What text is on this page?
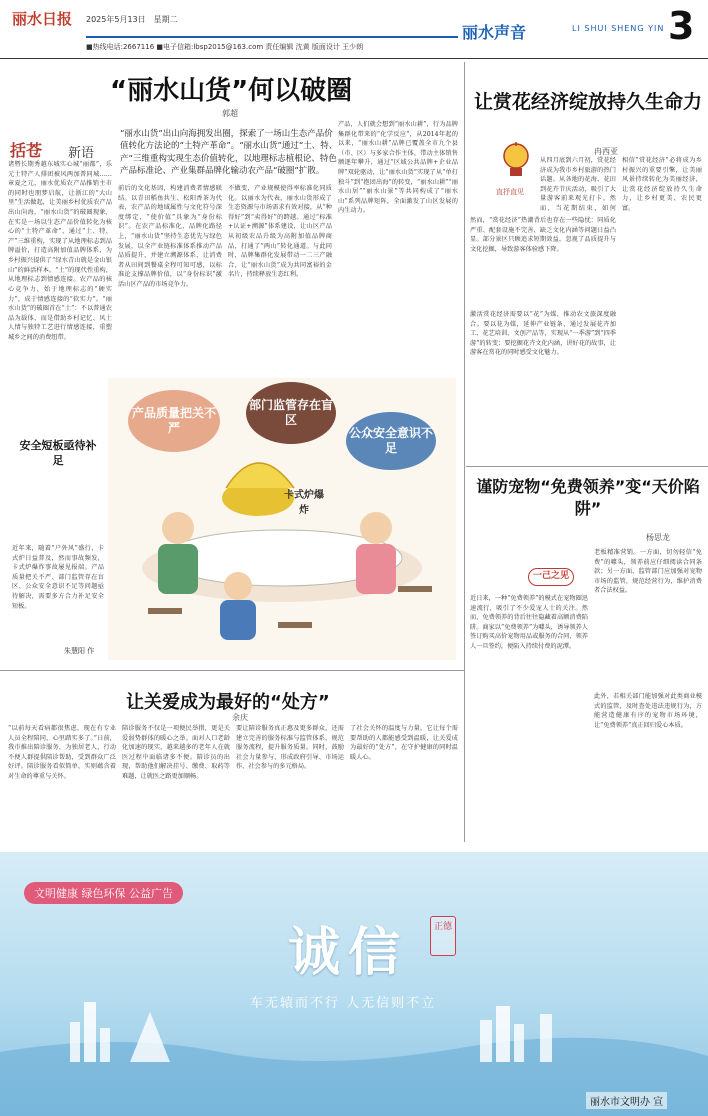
丽水日报 2025年5月13日　星期二
■热线电话:2667116 ■电子信箱:lbsp2015@163.com 责任编辑 沈黄 版面设计 王少朗
丽水声音	LI SHUI SHENG YIN 3
“丽水山货”何以破圈
郭超
括苍 新语
“丽水山货”出山向海拥发出圈，探索了一场山生态产品价值转化方法论的“土特产革命”。“丽水山货”通过“土、特、产”三维重构实现生态价值转化，以地理标志植根论、特色产品标准论、产业集群品牌化输动农产品“破圈”扩散。
诸暨长期秀越东城实心城“丽都”，乐元土特产人排团被风两加普同城……章夏之元，丽水优质农产品推销主市的同时也朋梦启航，让浙江的“大山里”生活做起，让美丽乡村优质农产品出山向海，“丽水山货”的破圈现象，在实是一场以生态产品价值转化为核心的“土特产革命”，通过“土、特、产”三维重构，实现了从地理标志到品牌溢价，打造高附加值品牌体系，为乡村振兴提供了“绿水青山就是金山银山”的鲜活样本。“土”的现代性重构，从地理标志到情感连接。农产品的核心竞争力，始于地理标志的“硬实力”，成于情感连接的“软实力”。“丽水山货”的破圈首在“土”：不以普通农品为载体，而是借助乡村记忆、风土人情与独特工艺进行情感连接，重塑城乡之间的消费纽带。
前后的文化基因，构建消费者情感联结。以青田稻鱼共生、松阳香茶为代表，农产品的地域属性与文化符号深度绑定，“使价值”具象为“身份标识”。在农产品标准化、品牌化路径上，“丽水山货”坚持生态优先与绿色发展，以全产业链标准体系推动产品品质提升，并建立溯源体系，让消费者从田间到餐桌全程可知可感，以标准论支撑品牌价值，以“身份标识”激活山区产品的市场竞争力。
不做变，产业规模使得率标准化同质化。以丽水为代表，丽水山货形成了生态资源与市场需求有效对接，从“种得好”到“卖得好”的跨越。通过“标准+认证+溯源”体系建设，让山区产品从初级农品升级为高附加值品牌商品，打通了“两山”转化通道。与此同时，品牌集群化发展带动一二三产融合，让“丽水山货”成为共同富裕的金名片，持续释放生态红利。
产品，人们就会想到“丽水山耕”，行为品牌集群化带来的“化学反应”，从2014年起的以来，“丽水山耕”品牌已覆盖全市九个县（市、区）与多家合作主体，带动主体销售额逐年攀升，通过“区域公共品牌+企业品牌”双轮驱动，让“丽水山货”实现了从“单打独斗”到“抱团出海”的转变，“丽水山耕”“丽水山居”“丽水山景”等共同构成了“丽水山”系列品牌矩阵，全面激发了山区发展的内生动力。
让赏花经济绽放持久生命力
冉西亚
直抒直见
从四月底到六月初，赏花经济成为我市乡村旅游的热门话题。从各地的花海、花田到花卉节庆活动，吸引了大量游客前来观光打卡。然而，当花期结束，如何
然而，“赏花经济”热潮背后也存在一些隐忧：同质化严重、配套设施不完善、缺乏文化内涵等问题日益凸显。部分景区只顾追求短期效益，忽视了品质提升与文化挖掘，导致游客体验感下降。
激活赏花经济需要以“花”为媒，推动农文旅深度融合。要以花为媒，延伸产业链条，通过发展花卉加工、花艺培训、文创产品等，实现从“一季游”到“四季游”的转变；要挖掘花卉文化内涵，讲好花的故事，让游客在赏花的同时感受文化魅力。
相信“赏花经济”必将成为乡村振兴的重要引擎，让美丽风景持续转化为美丽经济，让赏花经济绽放持久生命力，让乡村更美、农民更富。
产品质量把关不严
部门监管存在盲区
公众安全意识不足
卡式炉爆炸
安全短板亟待补足
近年来，随着“户外风”盛行，卡式炉日益普及，然而事故频发，卡式炉爆炸事故屡见报端。产品质量把关不严、部门监管存在盲区、公众安全意识不足等问题亟待解决，需要多方合力补足安全短板。
朱慧阳 作
谨防宠物“免费领养”变“天价陷阱”
杨思龙
一己之见
近日来，一种“免费领养”的模式在宠物圈迅速流行，吸引了不少爱宠人士的关注。然而，免费领养的背后往往隐藏着高额消费陷阱。商家以“免费领养”为噱头，诱导领养人签订购买高价宠物用品或服务的合同，领养人一旦签约，便陷入持续付费的泥潭。
老板精准营销。一方面，切勿轻信“免费”的噱头，领养前应仔细阅读合同条款；另一方面，监管部门应加强对宠物市场的监管，规范经营行为，维护消费者合法权益。
此外，若相关部门能加强对此类商业模式的监管，及时查处违法违规行为，方能营造健康有序的宠物市场环境，让“免费领养”真正回归爱心本质。
让关爱成为最好的“处方”
余庆
“以前每天看病都很焦虑，现在有专业人员全程陪同，心里踏实多了。”日前，我市推出陪诊服务，为独居老人、行动不便人群提供陪诊帮助，受到群众广泛好评。陪诊服务看似简单，实则蕴含着对生命的尊重与关怀。
陪诊服务不仅是一项便民举措，更是关爱弱势群体的暖心之举。面对人口老龄化加速的现实，越来越多的老年人在就医过程中面临诸多不便。陪诊员的出现，帮助他们解决挂号、缴费、取药等难题，让就医之路更加顺畅。
要让陪诊服务真正惠及更多群众，还需建立完善的服务标准与监管体系，规范服务流程，提升服务质量。同时，鼓励社会力量参与，形成政府引导、市场运作、社会参与的多元格局。
了社会关怀的温度与力量，它让每个需要帮助的人都能感受到温暖，让关爱成为最好的“处方”，在守护健康的同时温暖人心。
文明健康 绿色环保 公益广告
诚信	正德
车无辕而不行 人无信则不立
丽水市文明办 宣
